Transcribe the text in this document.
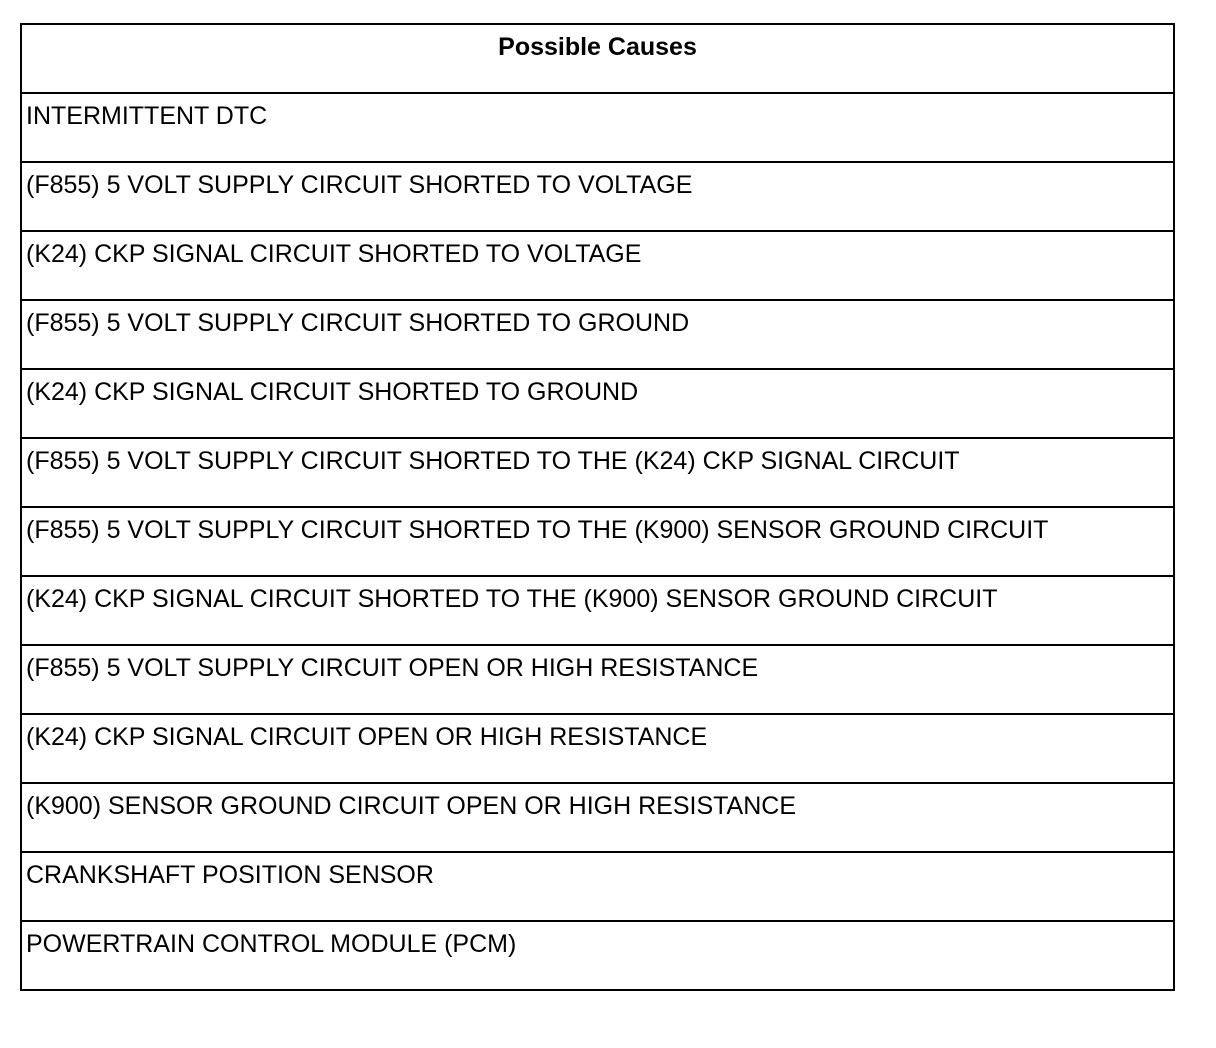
Possible Causes

INTERMITTENT DTC

(F855) 5 VOLT SUPPLY CIRCUIT SHORTED TO VOLTAGE

(K24) CKP SIGNAL CIRCUIT SHORTED TO VOLTAGE

(F855) 5 VOLT SUPPLY CIRCUIT SHORTED TO GROUND

(K24) CKP SIGNAL CIRCUIT SHORTED TO GROUND

(F855) 5 VOLT SUPPLY CIRCUIT SHORTED TO THE (K24) CKP SIGNAL CIRCUIT

(F855) 5 VOLT SUPPLY CIRCUIT SHORTED TO THE (K900) SENSOR GROUND CIRCUIT

(K24) CKP SIGNAL CIRCUIT SHORTED TO THE (K900) SENSOR GROUND CIRCUIT

(F855) 5 VOLT SUPPLY CIRCUIT OPEN OR HIGH RESISTANCE

(K24) CKP SIGNAL CIRCUIT OPEN OR HIGH RESISTANCE

(K900) SENSOR GROUND CIRCUIT OPEN OR HIGH RESISTANCE

CRANKSHAFT POSITION SENSOR

POWERTRAIN CONTROL MODULE (PCM)
